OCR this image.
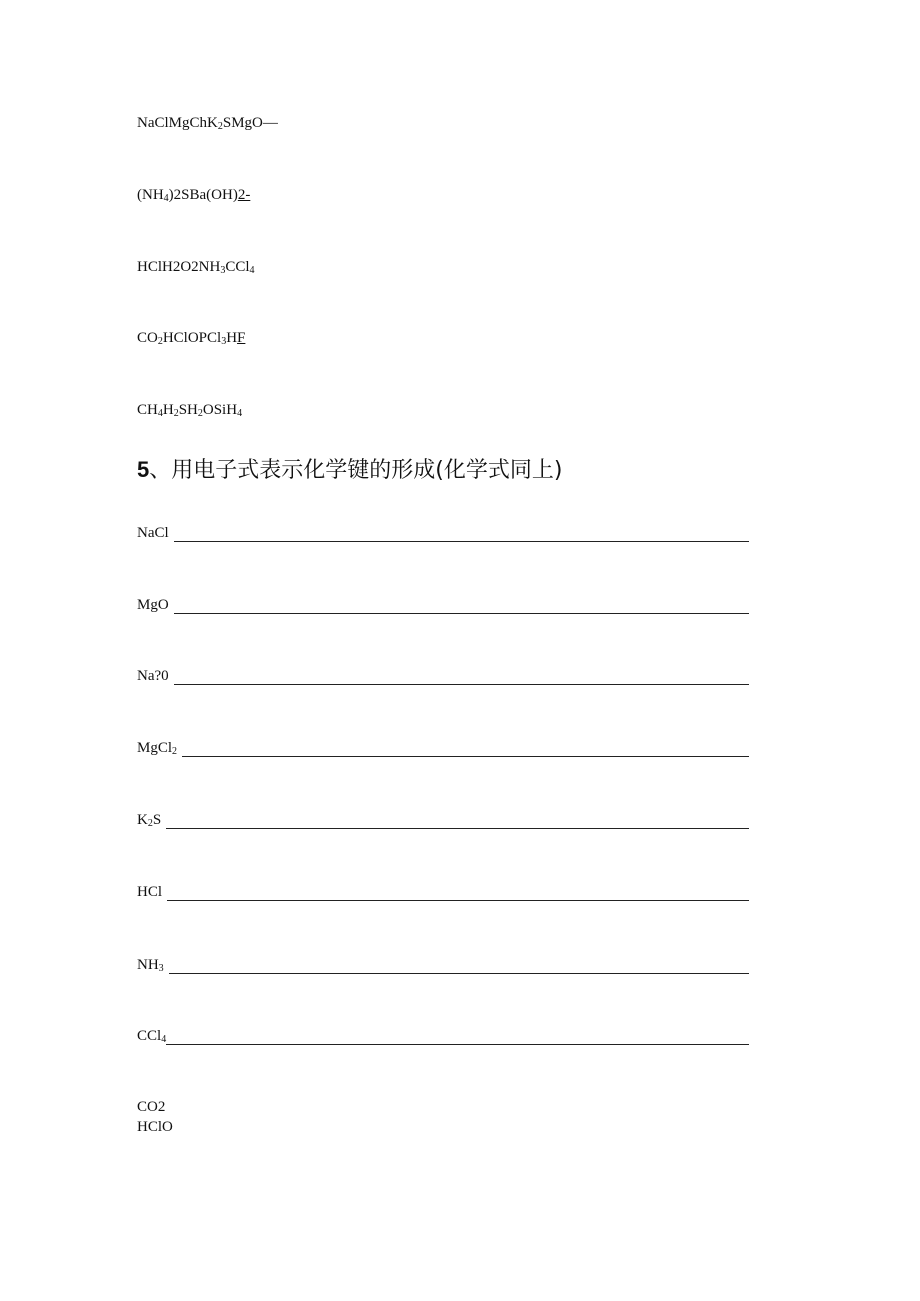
NaClMgChK$_2$SMgO—
$(NH_4)2SBa(OH)2-$
$HClH2O2NH_3CCl_4$
$CO_2HClOPCl_3HF$
$CH_4H_2SH_2OSiH_4$
5、用电子式表示化学键的形成(化学式同上)
NaCl
MgO
Na?0
MgCl$_2$
$K_2S$
HCl
$NH_3$
CCl$_4$
CO2
HClO
